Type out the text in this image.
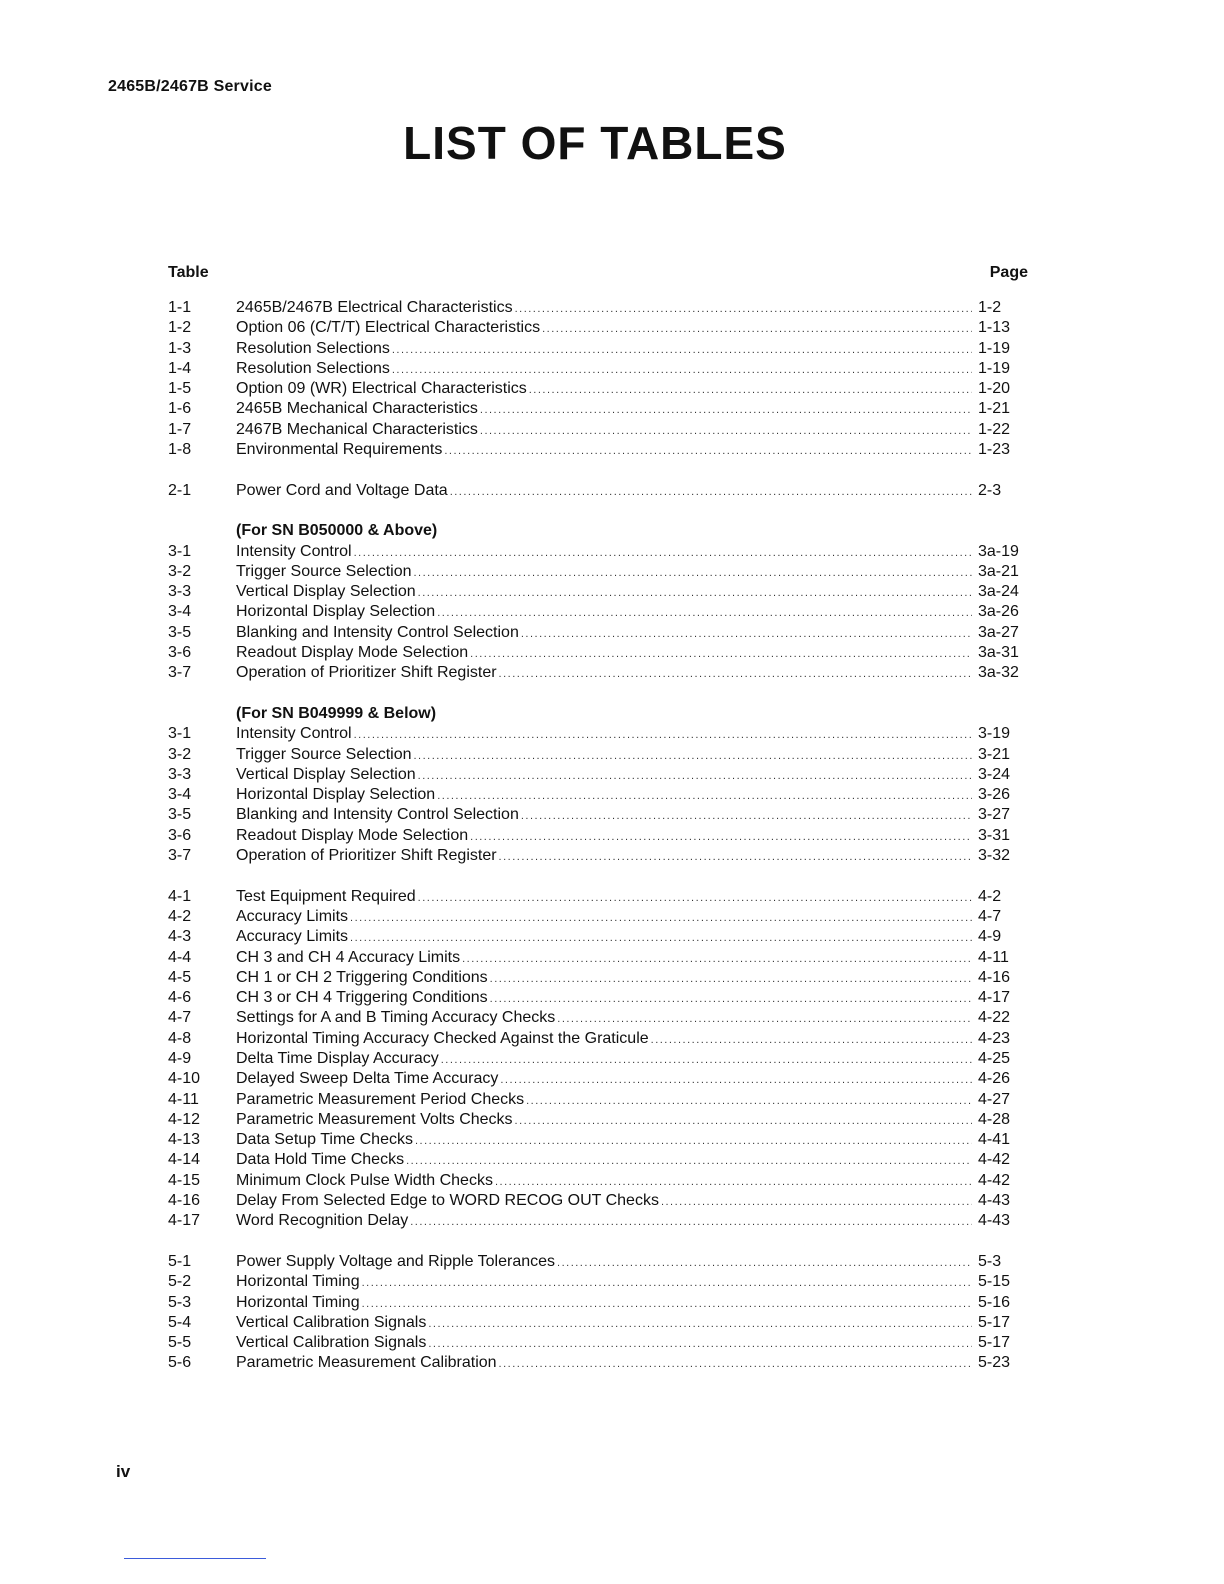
2465B/2467B Service
LIST OF TABLES
Table	Page
1-1	2465B/2467B Electrical Characteristics .....	1-2
1-2	Option 06 (C/T/T) Electrical Characteristics .....	1-13
1-3	Resolution Selections .....	1-19
1-4	Resolution Selections .....	1-19
1-5	Option 09 (WR) Electrical Characteristics .....	1-20
1-6	2465B Mechanical Characteristics .....	1-21
1-7	2467B Mechanical Characteristics .....	1-22
1-8	Environmental Requirements .....	1-23
2-1	Power Cord and Voltage Data .....	2-3
(For SN B050000 & Above)
3-1	Intensity Control .....	3a-19
3-2	Trigger Source Selection .....	3a-21
3-3	Vertical Display Selection .....	3a-24
3-4	Horizontal Display Selection .....	3a-26
3-5	Blanking and Intensity Control Selection .....	3a-27
3-6	Readout Display Mode Selection .....	3a-31
3-7	Operation of Prioritizer Shift Register .....	3a-32
(For SN B049999 & Below)
3-1	Intensity Control .....	3-19
3-2	Trigger Source Selection .....	3-21
3-3	Vertical Display Selection .....	3-24
3-4	Horizontal Display Selection .....	3-26
3-5	Blanking and Intensity Control Selection .....	3-27
3-6	Readout Display Mode Selection .....	3-31
3-7	Operation of Prioritizer Shift Register .....	3-32
4-1	Test Equipment Required .....	4-2
4-2	Accuracy Limits .....	4-7
4-3	Accuracy Limits .....	4-9
4-4	CH 3 and CH 4 Accuracy Limits .....	4-11
4-5	CH 1 or CH 2 Triggering Conditions .....	4-16
4-6	CH 3 or CH 4 Triggering Conditions .....	4-17
4-7	Settings for A and B Timing Accuracy Checks .....	4-22
4-8	Horizontal Timing Accuracy Checked Against the Graticule .....	4-23
4-9	Delta Time Display Accuracy .....	4-25
4-10	Delayed Sweep Delta Time Accuracy .....	4-26
4-11	Parametric Measurement Period Checks .....	4-27
4-12	Parametric Measurement Volts Checks .....	4-28
4-13	Data Setup Time Checks .....	4-41
4-14	Data Hold Time Checks .....	4-42
4-15	Minimum Clock Pulse Width Checks .....	4-42
4-16	Delay From Selected Edge to WORD RECOG OUT Checks .....	4-43
4-17	Word Recognition Delay .....	4-43
5-1	Power Supply Voltage and Ripple Tolerances .....	5-3
5-2	Horizontal Timing .....	5-15
5-3	Horizontal Timing .....	5-16
5-4	Vertical Calibration Signals .....	5-17
5-5	Vertical Calibration Signals .....	5-17
5-6	Parametric Measurement Calibration .....	5-23
iv
